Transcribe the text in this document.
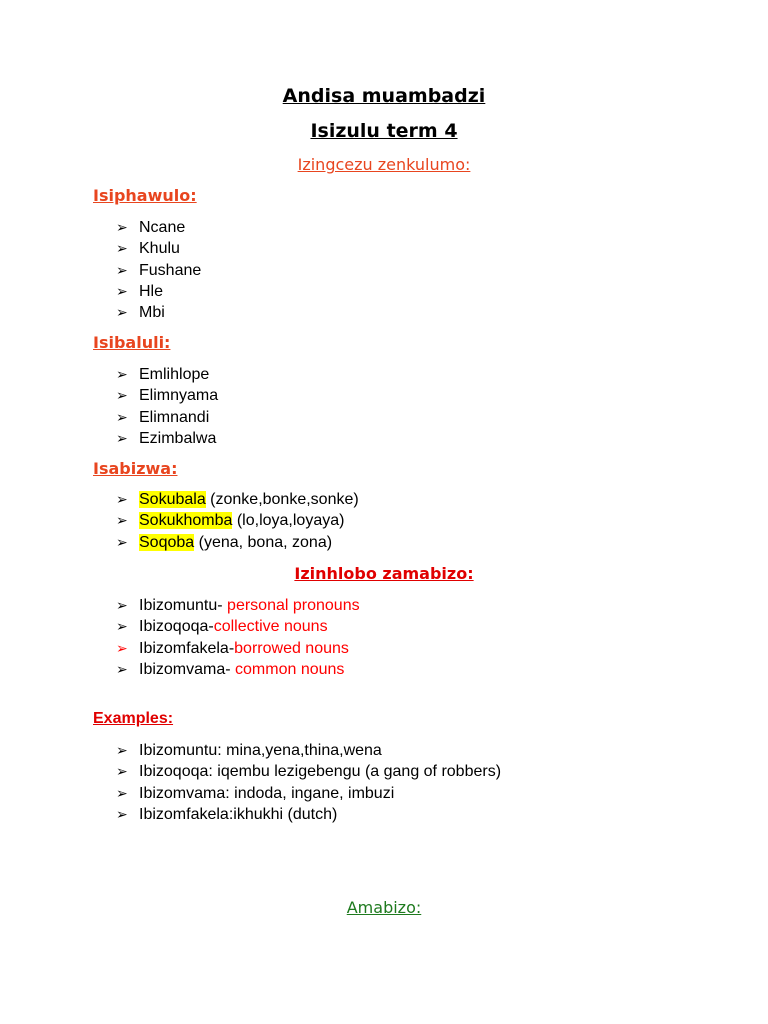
Andisa muambadzi
Isizulu term 4
Izingcezu zenkulumo:
Isiphawulo:
➢ Ncane
➢ Khulu
➢ Fushane
➢ Hle
➢ Mbi
Isibaluli:
➢ Emlihlope
➢ Elimnyama
➢ Elimnandi
➢ Ezimbalwa
Isabizwa:
➢ Sokubala (zonke,bonke,sonke)
➢ Sokukhomba (lo,loya,loyaya)
➢ Soqoba (yena, bona, zona)
Izinhlobo zamabizo:
➢ Ibizomuntu- personal pronouns
➢ Ibizoqoqa-collective nouns
➢ Ibizomfakela-borrowed nouns
➢ Ibizomvama- common nouns
Examples:
➢ Ibizomuntu: mina,yena,thina,wena
➢ Ibizoqoqa: iqembu lezigebengu (a gang of robbers)
➢ Ibizomvama: indoda, ingane, imbuzi
➢ Ibizomfakela:ikhukhi (dutch)
Amabizo:
